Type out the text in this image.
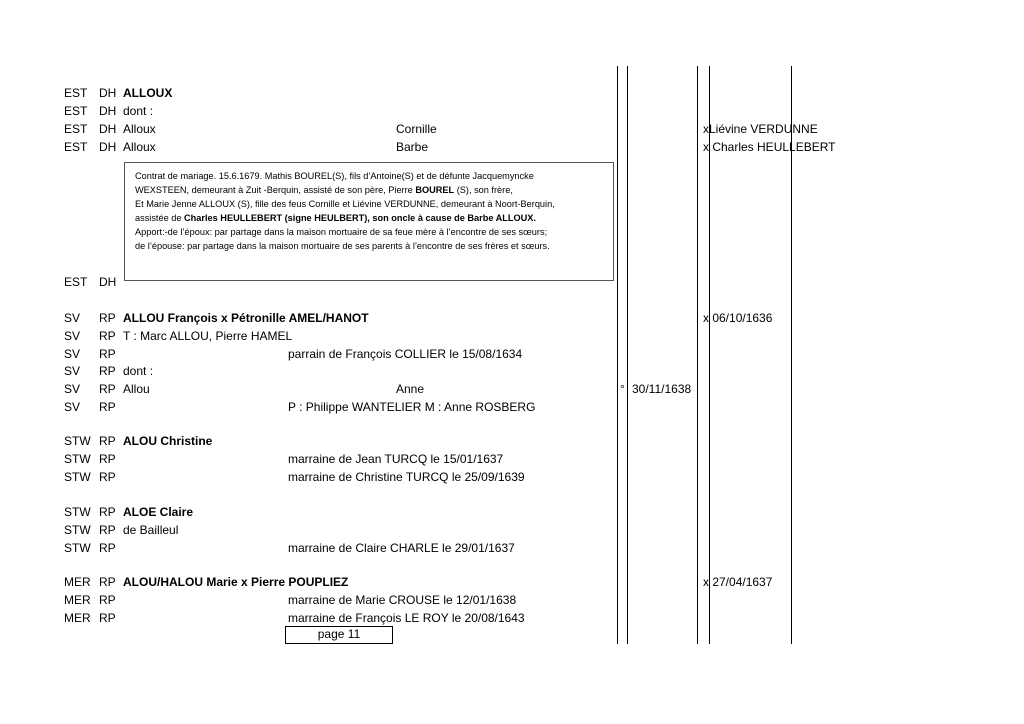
EST DH ALLOUX
EST DH dont :
EST DH Alloux	Cornille	xLiévine VERDUNNE
EST DH Alloux	Barbe	x Charles HEULLEBERT
Contrat de mariage. 15.6.1679. Mathis BOUREL(S), fils d’Antoine(S) et de défunte Jacquemyncke
WEXSTEEN, demeurant à Zuit -Berquin, assisté de son père, Pierre BOUREL (S), son frère,
Et Marie Jenne ALLOUX (S), fille des feus Cornille et Liévine VERDUNNE, demeurant à Noort-Berquin,
assistée de Charles HEULLEBERT (signe HEULBERT), son oncle à cause de Barbe ALLOUX.
Apport:-de l’époux: par partage dans la maison mortuaire de sa feue mère à l’encontre de ses sœurs;
de l’épouse: par partage dans la maison mortuaire de ses parents à l’encontre de ses frères et sœurs.
EST DH
SV RP ALLOU François x Pétronille AMEL/HANOT	x 06/10/1636
SV RP T : Marc ALLOU, Pierre HAMEL
SV RP	parrain de François COLLIER le 15/08/1634
SV RP dont :
SV RP Allou	Anne	° 30/11/1638
SV RP	P : Philippe WANTELIER M : Anne ROSBERG
STW RP ALOU Christine
STW RP	marraine de Jean TURCQ le 15/01/1637
STW RP	marraine de Christine TURCQ le 25/09/1639
STW RP ALOE Claire
STW RP de Bailleul
STW RP	marraine de Claire CHARLE le 29/01/1637
MER RP ALOU/HALOU Marie x Pierre POUPLIEZ	x 27/04/1637
MER RP	marraine de Marie CROUSE le 12/01/1638
MER RP	marraine de François LE ROY le 20/08/1643
page 11
